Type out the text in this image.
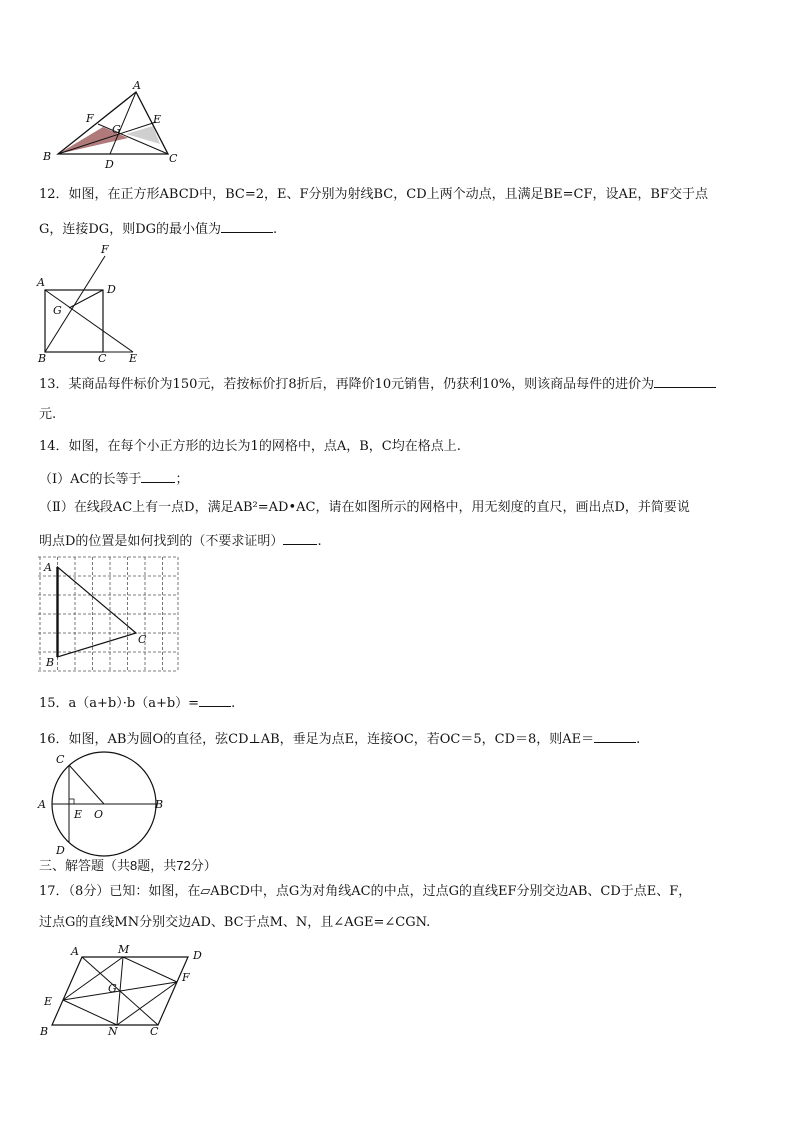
A
F
G
E
B
D	C
12．如图，在正方形ABCD中，BC=2，E、F分别为射线BC，CD上两个动点，且满足BE=CF，设AE，BF交于点
G，连接DG，则DG的最小值为	.
F
A
D
G
B	C E
13．某商品每件标价为150元，若按标价打8折后，再降价10元销售，仍获利10%，则该商品每件的进价为
元.
14．如图，在每个小正方形的边长为1的网格中，点A，B，C均在格点上.
（Ⅰ）AC的长等于	；
（Ⅱ）在线段AC上有一点D，满足AB²=AD•AC，请在如图所示的网格中，用无刻度的直尺，画出点D，并简要说
明点D的位置是如何找到的（不要求证明）	.
A
C
B
15．a（a+b）·b（a+b）= .
16．如图，AB为圆O的直径，弦CD⊥AB，垂足为点E，连接OC，若OC＝5，CD＝8，则AE＝	.
C
A	B
E O
D
三、解答题（共8题，共72分）
17．（8分）已知：如图，在▱ABCD中，点G为对角线AC的中点，过点G的直线EF分别交边AB、CD于点E、F，
过点G的直线MN分别交边AD、BC于点M、N，且∠AGE=∠CGN.
A	M	D
F
G
E
B	N	C
